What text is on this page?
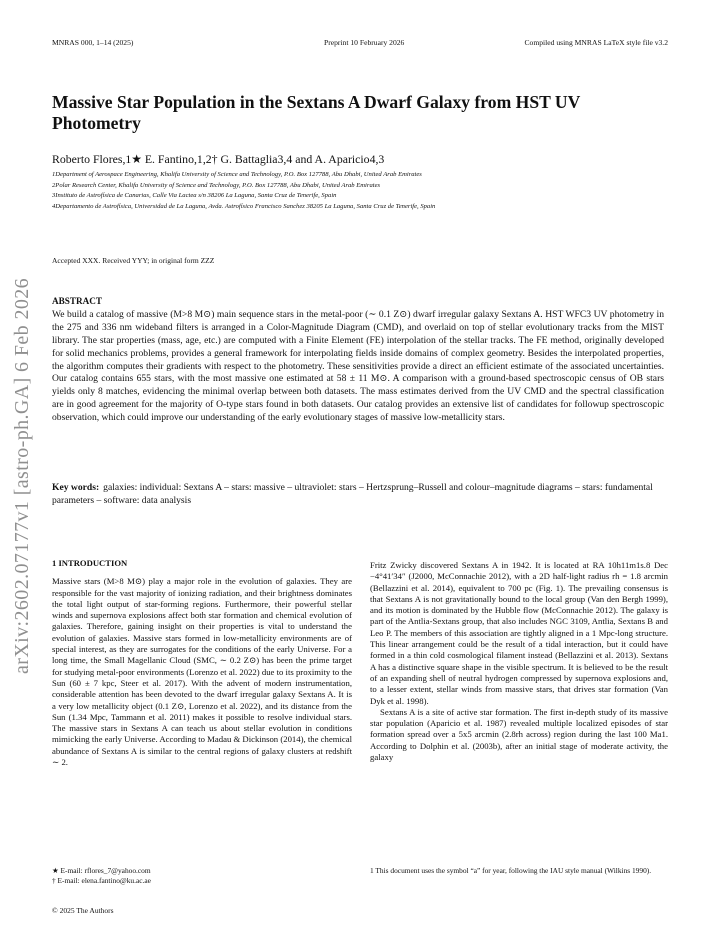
MNRAS 000, 1–14 (2025)	Preprint 10 February 2026	Compiled using MNRAS LaTeX style file v3.2
Massive Star Population in the Sextans A Dwarf Galaxy from HST UV Photometry
Roberto Flores,1★ E. Fantino,1,2† G. Battaglia3,4 and A. Aparicio4,3
1Department of Aerospace Engineering, Khalifa University of Science and Technology, P.O. Box 127788, Abu Dhabi, United Arab Emirates
2Polar Research Center, Khalifa University of Science and Technology, P.O. Box 127788, Abu Dhabi, United Arab Emirates
3Instituto de Astrofísica de Canarias, Calle Via Lactea s/n 38206 La Laguna, Santa Cruz de Tenerife, Spain
4Departamento de Astrofísica, Universidad de La Laguna, Avda. Astrofísico Francisco Sanchez 38205 La Laguna, Santa Cruz de Tenerife, Spain
arXiv:2602.07177v1 [astro-ph.GA] 6 Feb 2026
Accepted XXX. Received YYY; in original form ZZZ
ABSTRACT

We build a catalog of massive (M>8 M⊙) main sequence stars in the metal-poor (∼ 0.1 Z⊙) dwarf irregular galaxy Sextans A. HST WFC3 UV photometry in the 275 and 336 nm wideband filters is arranged in a Color-Magnitude Diagram (CMD), and overlaid on top of stellar evolutionary tracks from the MIST library. The star properties (mass, age, etc.) are computed with a Finite Element (FE) interpolation of the stellar tracks. The FE method, originally developed for solid mechanics problems, provides a general framework for interpolating fields inside domains of complex geometry. Besides the interpolated properties, the algorithm computes their gradients with respect to the photometry. These sensitivities provide a direct an efficient estimate of the associated uncertainties. Our catalog contains 655 stars, with the most massive one estimated at 58 ± 11 M⊙. A comparison with a ground-based spectroscopic census of OB stars yields only 8 matches, evidencing the minimal overlap between both datasets. The mass estimates derived from the UV CMD and the spectral classification are in good agreement for the majority of O-type stars found in both datasets. Our catalog provides an extensive list of candidates for followup spectroscopic observation, which could improve our understanding of the early evolutionary stages of massive low-metallicity stars.

Key words: galaxies: individual: Sextans A – stars: massive – ultraviolet: stars – Hertzsprung–Russell and colour–magnitude diagrams – stars: fundamental parameters – software: data analysis
1 INTRODUCTION

Massive stars (M>8 M⊙) play a major role in the evolution of galaxies. They are responsible for the vast majority of ionizing radiation, and their brightness dominates the total light output of star-forming regions. Furthermore, their powerful stellar winds and supernova explosions affect both star formation and chemical evolution of galaxies. Therefore, gaining insight on their properties is vital to understand the evolution of galaxies. Massive stars formed in low-metallicity environments are of special interest, as they are surrogates for the conditions of the early Universe. For a long time, the Small Magellanic Cloud (SMC, ∼ 0.2 Z⊙) has been the prime target for studying metal-poor environments (Lorenzo et al. 2022) due to its proximity to the Sun (60 ± 7 kpc, Steer et al. 2017). With the advent of modern instrumentation, considerable attention has been devoted to the dwarf irregular galaxy Sextans A. It is a very low metallicity object (0.1 Z⊙, Lorenzo et al. 2022), and its distance from the Sun (1.34 Mpc, Tammann et al. 2011) makes it possible to resolve individual stars. The massive stars in Sextans A can teach us about stellar evolution in conditions mimicking the early Universe. According to Madau & Dickinson (2014), the chemical abundance of Sextans A is similar to the central regions of galaxy clusters at redshift ∼ 2.

Fritz Zwicky discovered Sextans A in 1942. It is located at RA 10h11m1s.8 Dec −4°41′34″ (J2000, McConnachie 2012), with a 2D half-light radius rh = 1.8 arcmin (Bellazzini et al. 2014), equivalent to 700 pc (Fig. 1). The prevailing consensus is that Sextans A is not gravitationally bound to the local group (Van den Bergh 1999), and its motion is dominated by the Hubble flow (McConnachie 2012). The galaxy is part of the Antlia-Sextans group, that also includes NGC 3109, Antlia, Sextans B and Leo P. The members of this association are tightly aligned in a 1 Mpc-long structure. This linear arrangement could be the result of a tidal interaction, but it could have formed in a thin cold cosmological filament instead (Bellazzini et al. 2013). Sextans A has a distinctive square shape in the visible spectrum. It is believed to be the result of an expanding shell of neutral hydrogen compressed by supernova explosions and, to a lesser extent, stellar winds from massive stars, that drives star formation (Van Dyk et al. 1998).

Sextans A is a site of active star formation. The first in-depth study of its massive star population (Aparicio et al. 1987) revealed multiple localized episodes of star formation spread over a 5x5 arcmin (2.8rh across) region during the last 100 Ma1. According to Dolphin et al. (2003b), after an initial stage of moderate activity, the galaxy

★ E-mail: rflores_7@yahoo.com
† E-mail: elena.fantino@ku.ac.ae
1 This document uses the symbol “a” for year, following the IAU style manual (Wilkins 1990).
© 2025 The Authors
